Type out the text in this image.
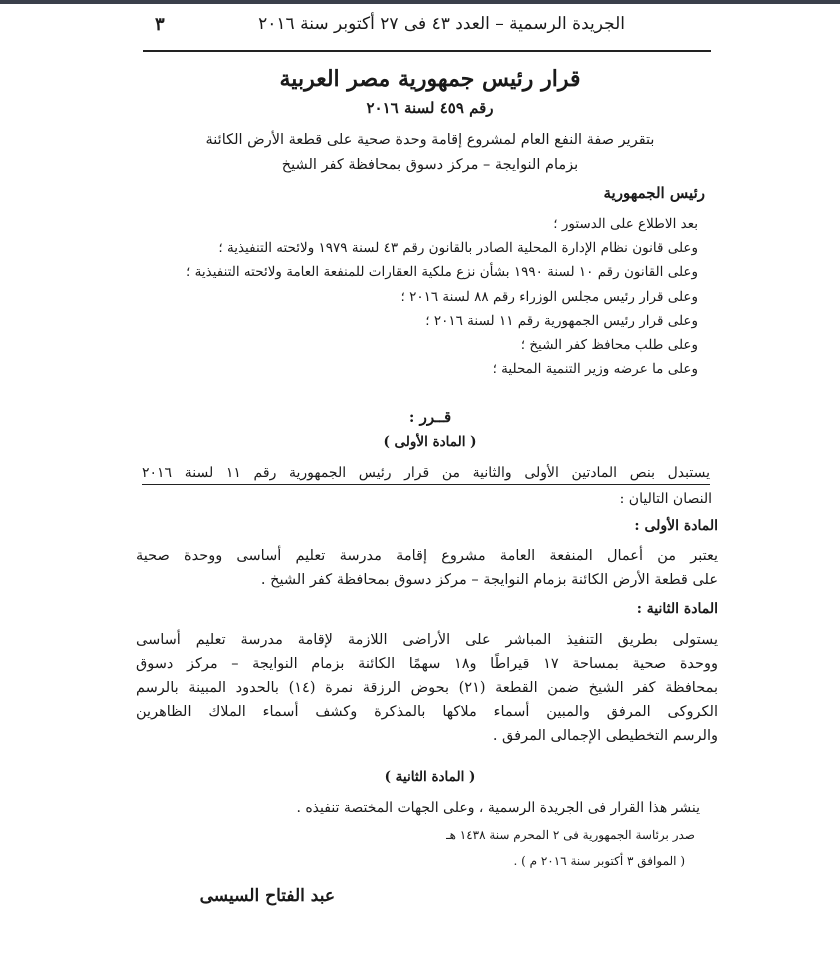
الجريدة الرسمية – العدد ٤٣ فى ٢٧ أكتوبر سنة ٢٠١٦
٣
قرار رئيس جمهورية مصر العربية
رقم ٤٥٩ لسنة ٢٠١٦
بتقرير صفة النفع العام لمشروع إقامة وحدة صحية على قطعة الأرض الكائنة
بزمام النوايجة – مركز دسوق بمحافظة كفر الشيخ
رئيس الجمهورية
بعد الاطلاع على الدستور ؛
وعلى قانون نظام الإدارة المحلية الصادر بالقانون رقم ٤٣ لسنة ١٩٧٩ ولائحته التنفيذية ؛
وعلى القانون رقم ١٠ لسنة ١٩٩٠ بشأن نزع ملكية العقارات للمنفعة العامة ولائحته التنفيذية ؛
وعلى قرار رئيس مجلس الوزراء رقم ٨٨ لسنة ٢٠١٦ ؛
وعلى قرار رئيس الجمهورية رقم ١١ لسنة ٢٠١٦ ؛
وعلى طلب محافظ كفر الشيخ ؛
وعلى ما عرضه وزير التنمية المحلية ؛
قــرر :
( المادة الأولى )
يستبدل بنص المادتين الأولى والثانية من قرار رئيس الجمهورية رقم ١١ لسنة ٢٠١٦
النصان التاليان :
المادة الأولى :
يعتبر من أعمال المنفعة العامة مشروع إقامة مدرسة تعليم أساسى ووحدة صحية
على قطعة الأرض الكائنة بزمام النوايجة – مركز دسوق بمحافظة كفر الشيخ .
المادة الثانية :
يستولى بطريق التنفيذ المباشر على الأراضى اللازمة لإقامة مدرسة تعليم أساسى
ووحدة صحية بمساحة ١٧ قيراطًا و١٨ سهمًا الكائنة بزمام النوايجة – مركز دسوق
بمحافظة كفر الشيخ ضمن القطعة (٢١) بحوض الرزقة نمرة (١٤) بالحدود المبينة بالرسم
الكروكى المرفق والمبين أسماء ملاكها بالمذكرة وكشف أسماء الملاك الظاهرين
والرسم التخطيطى الإجمالى المرفق .
( المادة الثانية )
ينشر هذا القرار فى الجريدة الرسمية ، وعلى الجهات المختصة تنفيذه .
صدر برئاسة الجمهورية فى ٢ المحرم سنة ١٤٣٨ هـ
( الموافق ٣ أكتوبر سنة ٢٠١٦ م ) .
عبد الفتاح السيسى
